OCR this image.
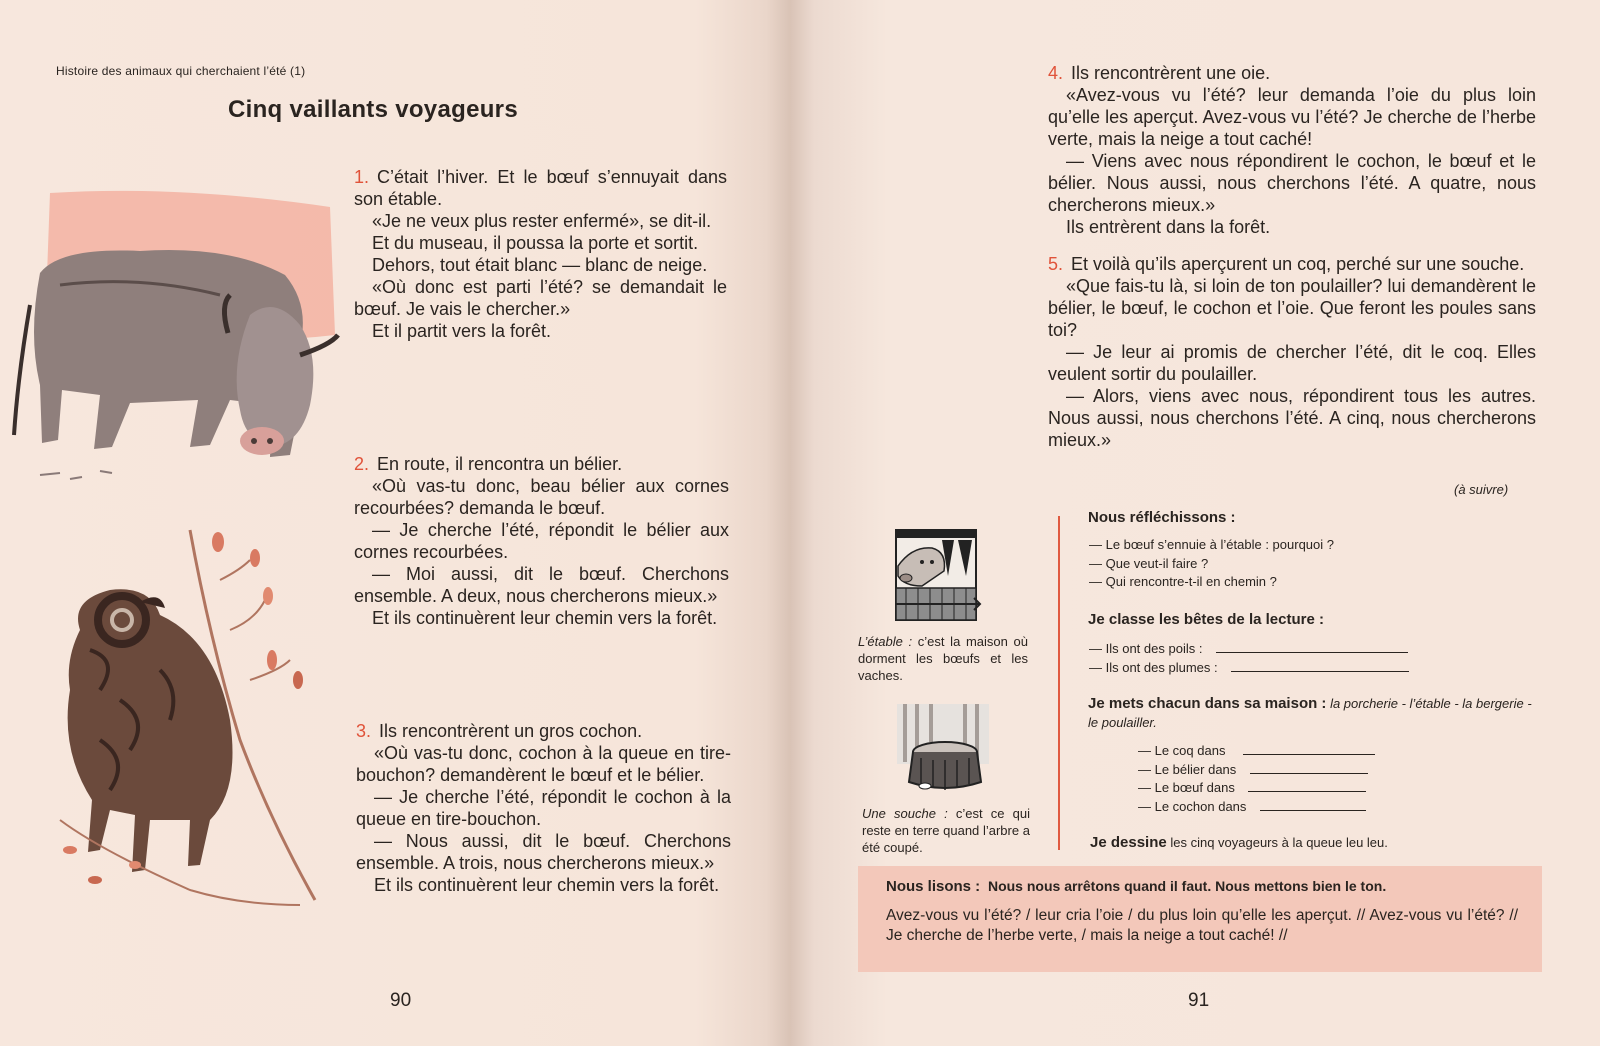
Histoire des animaux qui cherchaient l’été (1)
Cinq vaillants voyageurs

1. C’était l’hiver. Et le bœuf s’ennuyait dans son étable.

«Je ne veux plus rester enfermé», se dit-il.

Et du museau, il poussa la porte et sortit.

Dehors, tout était blanc — blanc de neige.

«Où donc est parti l’été? se demandait le bœuf. Je vais le chercher.»

Et il partit vers la forêt.

2. En route, il rencontra un bélier.

«Où vas-tu donc, beau bélier aux cornes recourbées? demanda le bœuf.

— Je cherche l’été, répondit le bélier aux cornes recourbées.

— Moi aussi, dit le bœuf. Cherchons ensemble. A deux, nous chercherons mieux.»

Et ils continuèrent leur chemin vers la forêt.

3. Ils rencontrèrent un gros cochon.

«Où vas-tu donc, cochon à la queue en tire-bouchon? demandèrent le bœuf et le bélier.

— Je cherche l’été, répondit le cochon à la queue en tire-bouchon.

— Nous aussi, dit le bœuf. Cherchons ensemble. A trois, nous chercherons mieux.»

Et ils continuèrent leur chemin vers la forêt.

90

4. Ils rencontrèrent une oie.

«Avez-vous vu l’été? leur demanda l’oie du plus loin qu’elle les aperçut. Avez-vous vu l’été? Je cherche de l’herbe verte, mais la neige a tout caché!

— Viens avec nous répondirent le cochon, le bœuf et le bélier. Nous aussi, nous cherchons l’été. A quatre, nous chercherons mieux.»

Ils entrèrent dans la forêt.

5. Et voilà qu’ils aperçurent un coq, perché sur une souche.

«Que fais-tu là, si loin de ton poulailler? lui demandèrent le bélier, le bœuf, le cochon et l’oie. Que feront les poules sans toi?

— Je leur ai promis de chercher l’été, dit le coq. Elles veulent sortir du poulailler.

— Alors, viens avec nous, répondirent tous les autres. Nous aussi, nous cherchons l’été. A cinq, nous chercherons mieux.»

(à suivre)
L’étable : c’est la maison où dorment les bœufs et les vaches.
Une souche : c’est ce qui reste en terre quand l’arbre a été coupé.
Nous réfléchissons :
— Le bœuf s’ennuie à l’étable : pourquoi ?
— Que veut-il faire ?
— Qui rencontre-t-il en chemin ?
Je classe les bêtes de la lecture :
— Ils ont des poils :
— Ils ont des plumes :
Je mets chacun dans sa maison : la porcherie - l’étable - la bergerie - le poulailler.
— Le coq dans
— Le bélier dans
— Le bœuf dans
— Le cochon dans
Je dessine les cinq voyageurs à la queue leu leu.
Nous lisons : Nous nous arrêtons quand il faut. Nous mettons bien le ton.
Avez-vous vu l’été? / leur cria l’oie / du plus loin qu’elle les aperçut. // Avez-vous vu l’été? // Je cherche de l’herbe verte, / mais la neige a tout caché! //
91
